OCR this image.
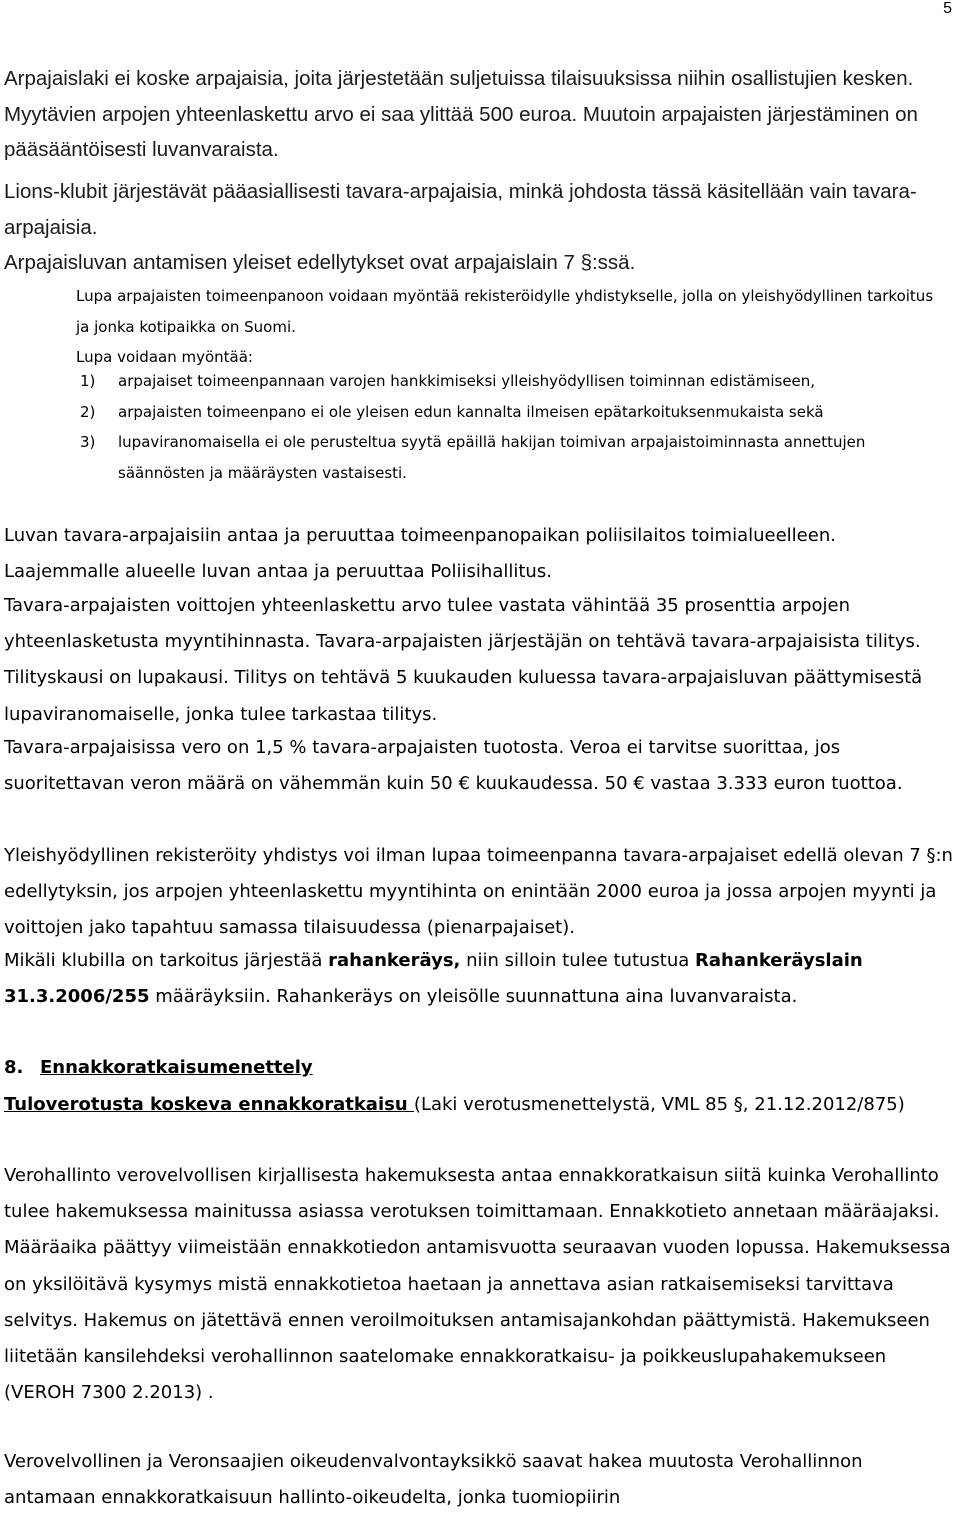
5

Arpajaislaki ei koske arpajaisia, joita järjestetään suljetuissa tilaisuuksissa niihin osallistujien kesken. Myytävien arpojen yhteenlaskettu arvo ei saa ylittää 500 euroa. Muutoin arpajaisten järjestäminen on pääsääntöisesti luvanvaraista.

Lions-klubit järjestävät pääasiallisesti tavara-arpajaisia, minkä johdosta tässä käsitellään vain tavara-arpajaisia.

Arpajaisluvan antamisen yleiset edellytykset ovat arpajaislain 7 §:ssä.

Lupa arpajaisten toimeenpanoon voidaan myöntää rekisteröidylle yhdistykselle, jolla on yleishyödyllinen tarkoitus ja jonka kotipaikka on Suomi.
Lupa voidaan myöntää:
1) arpajaiset toimeenpannaan varojen hankkimiseksi ylleishyödyllisen toiminnan edistämiseen,
2) arpajaisten toimeenpano ei ole yleisen edun kannalta ilmeisen epätarkoituksenmukaista sekä
3) lupaviranomaisella ei ole perusteltua syytä epäillä hakijan toimivan arpajaistoiminnasta annettujen säännösten ja määräysten vastaisesti.

Luvan tavara-arpajaisiin antaa ja peruuttaa toimeenpanopaikan poliisilaitos toimialueelleen. Laajemmalle alueelle luvan antaa ja peruuttaa Poliisihallitus.

Tavara-arpajaisten voittojen yhteenlaskettu arvo tulee vastata vähintää 35 prosenttia arpojen yhteenlasketusta myyntihinnasta. Tavara-arpajaisten järjestäjän on tehtävä tavara-arpajaisista tilitys. Tilityskausi on lupakausi. Tilitys on tehtävä 5 kuukauden kuluessa tavara-arpajaisluvan päättymisestä lupaviranomaiselle, jonka tulee tarkastaa tilitys.

Tavara-arpajaisissa vero on 1,5 % tavara-arpajaisten tuotosta. Veroa ei tarvitse suorittaa, jos suoritettavan veron määrä on vähemmän kuin 50 € kuukaudessa. 50 € vastaa 3.333 euron tuottoa.

Yleishyödyllinen rekisteröity yhdistys voi ilman lupaa toimeenpanna tavara-arpajaiset edellä olevan 7 §:n edellytyksin, jos arpojen yhteenlaskettu myyntihinta on enintään 2000 euroa ja jossa arpojen myynti ja voittojen jako tapahtuu samassa tilaisuudessa (pienarpajaiset).

Mikäli klubilla on tarkoitus järjestää rahankeräys, niin silloin tulee tutustua Rahankeräyslain 31.3.2006/255 määräyksiin. Rahankeräys on yleisölle suunnattuna aina luvanvaraista.

8. Ennakkoratkaisumenettely

Tuloverotusta koskeva ennakkoratkaisu (Laki verotusmenettelystä, VML 85 §, 21.12.2012/875)

Verohallinto verovelvollisen kirjallisesta hakemuksesta antaa ennakkoratkaisun siitä kuinka Verohallinto tulee hakemuksessa mainitussa asiassa verotuksen toimittamaan. Ennakkotieto annetaan määräajaksi. Määräaika päättyy viimeistään ennakkotiedon antamisvuotta seuraavan vuoden lopussa. Hakemuksessa on yksilöitävä kysymys mistä ennakkotietoa haetaan ja annettava asian ratkaisemiseksi tarvittava selvitys. Hakemus on jätettävä ennen veroilmoituksen antamisajankohdan päättymistä. Hakemukseen liitetään kansilehdeksi verohallinnon saatelomake ennakkoratkaisu- ja poikkeuslupahakemukseen (VEROH 7300 2.2013) .

Verovelvollinen ja Veronsaajien oikeudenvalvontayksikkö saavat hakea muutosta Verohallinnon antamaan ennakkoratkaisuun hallinto-oikeudelta, jonka tuomiopiirin
